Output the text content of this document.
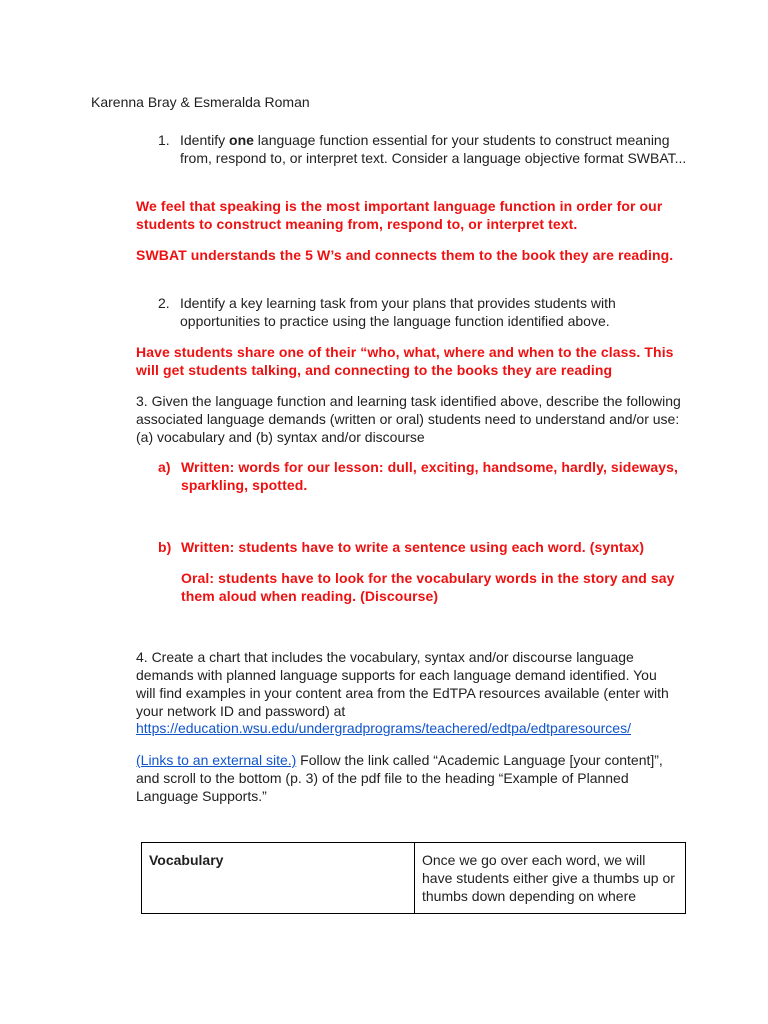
Karenna Bray & Esmeralda Roman

1. Identify one language function essential for your students to construct meaning from, respond to, or interpret text. Consider a language objective format SWBAT...

We feel that speaking is the most important language function in order for our students to construct meaning from, respond to, or interpret text.

SWBAT understands the 5 W’s and connects them to the book they are reading.

2. Identify a key learning task from your plans that provides students with opportunities to practice using the language function identified above.

Have students share one of their “who, what, where and when to the class. This will get students talking, and connecting to the books they are reading

3. Given the language function and learning task identified above, describe the following associated language demands (written or oral) students need to understand and/or use: (a) vocabulary and (b) syntax and/or discourse

a) Written: words for our lesson: dull, exciting, handsome, hardly, sideways, sparkling, spotted.
b) Written: students have to write a sentence using each word. (syntax)
Oral: students have to look for the vocabulary words in the story and say them aloud when reading. (Discourse)

4. Create a chart that includes the vocabulary, syntax and/or discourse language demands with planned language supports for each language demand identified. You will find examples in your content area from the EdTPA resources available (enter with your network ID and password) at

https://education.wsu.edu/undergradprograms/teachered/edtpa/edtparesources/

(Links to an external site.) Follow the link called “Academic Language [your content]”, and scroll to the bottom (p. 3) of the pdf file to the heading “Example of Planned Language Supports.”

Vocabulary	Once we go over each word, we will have students either give a thumbs up or thumbs down depending on where
